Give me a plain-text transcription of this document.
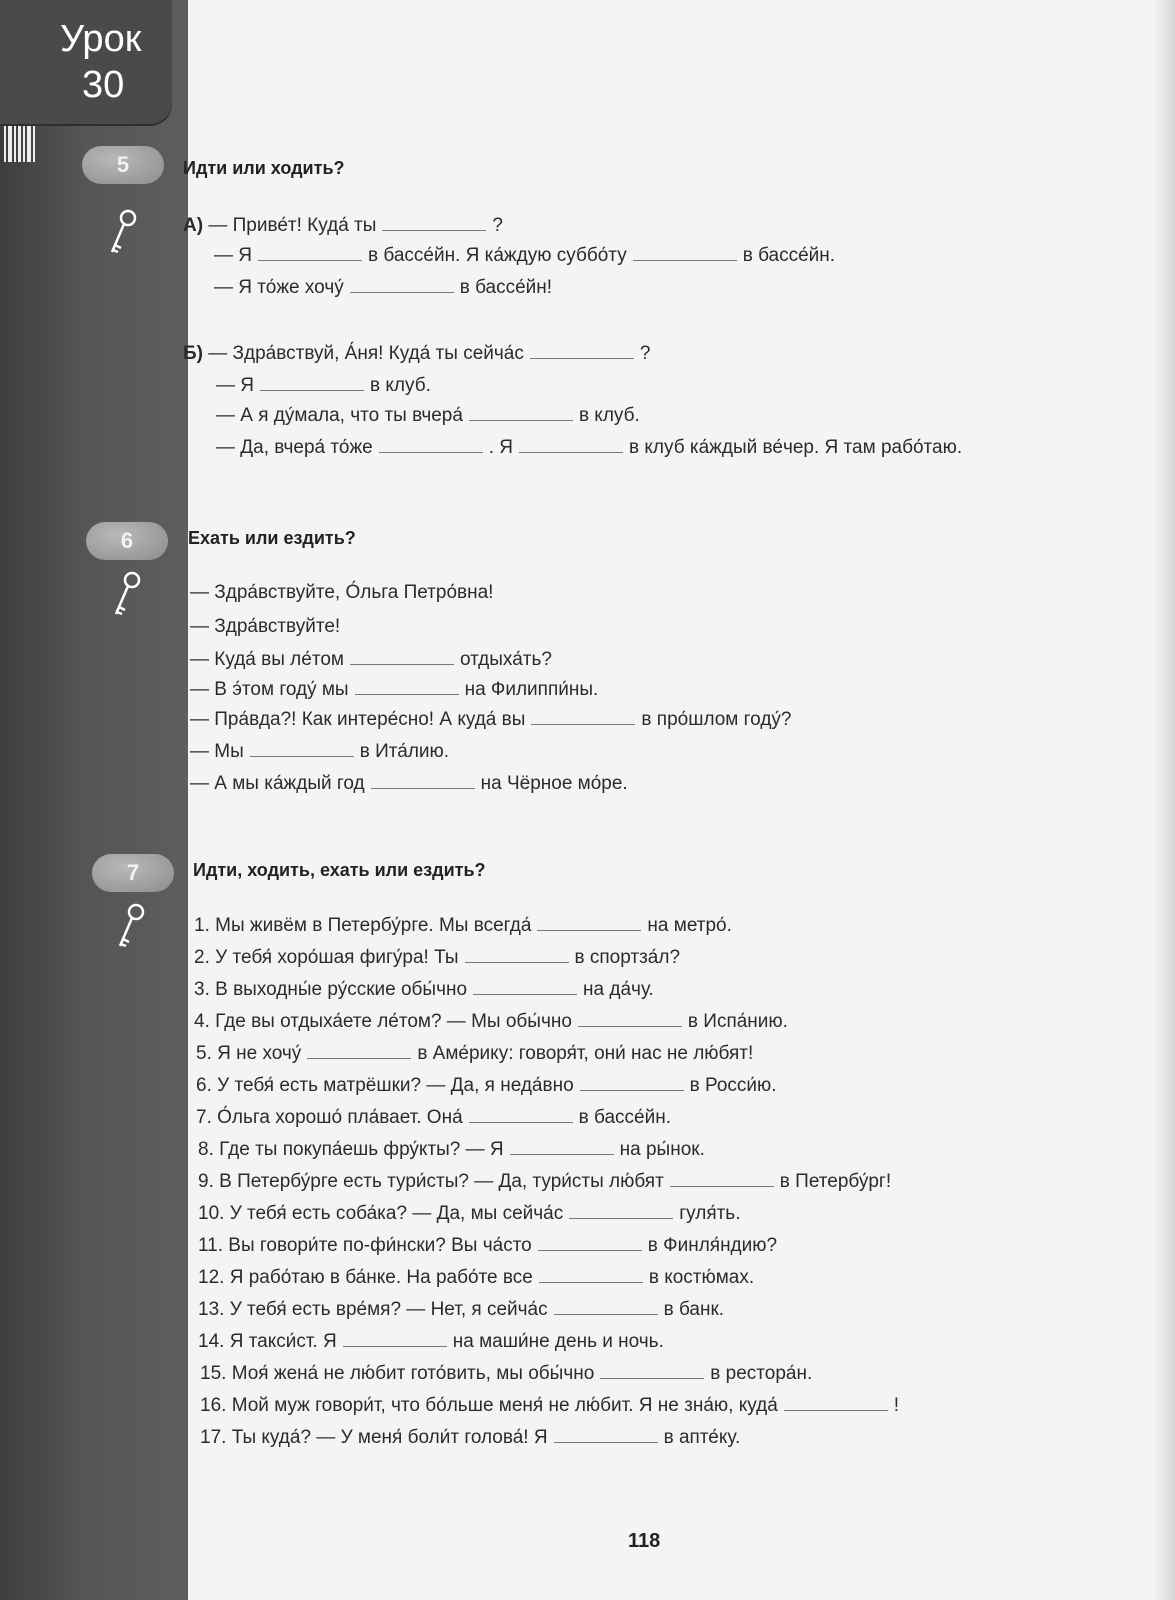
Урок
30
5	Идти или ходить?
А) — Приве́т! Куда́ ты	?
— Я	в бассе́йн. Я ка́ждую суббо́ту	в бассе́йн.
— Я то́же хочу́	в бассе́йн!
Б) — Здра́вствуй, А́ня! Куда́ ты сейча́с	?
— Я	в клуб.
— А я ду́мала, что ты вчера́	в клуб.
— Да, вчера́ то́же	. Я	в клуб ка́ждый ве́чер. Я там рабо́таю.
6	Ехать или ездить?
— Здра́вствуйте, О́льга Петро́вна!
— Здра́вствуйте!
— Куда́ вы ле́том	отдыха́ть?
— В э́том году́ мы	на Филиппи́ны.
— Пра́вда?! Как интере́сно! А куда́ вы	в про́шлом году́?
— Мы	в Ита́лию.
— А мы ка́ждый год	на Чёрное мо́ре.
7	Идти, ходить, ехать или ездить?
1. Мы живём в Петербу́рге. Мы всегда́	на метро́.
2. У тебя́ хоро́шая фигу́ра! Ты	в спортза́л?
3. В выходны́е ру́сские обы́чно	на да́чу.
4. Где вы отдыха́ете ле́том? — Мы обы́чно	в Испа́нию.
5. Я не хочу́	в Аме́рику: говоря́т, они́ нас не лю́бят!
6. У тебя́ есть матрёшки? — Да, я неда́вно	в Росси́ю.
7. О́льга хорошо́ пла́вает. Она́	в бассе́йн.
8. Где ты покупа́ешь фру́кты? — Я	на ры́нок.
9. В Петербу́рге есть тури́сты? — Да, тури́сты лю́бят	в Петербу́рг!
10. У тебя́ есть соба́ка? — Да, мы сейча́с	гуля́ть.
11. Вы говори́те по-фи́нски? Вы ча́сто	в Финля́ндию?
12. Я рабо́таю в ба́нке. На рабо́те все	в костю́мах.
13. У тебя́ есть вре́мя? — Нет, я сейча́с	в банк.
14. Я такси́ст. Я	на маши́не день и ночь.
15. Моя́ жена́ не лю́бит гото́вить, мы обы́чно	в рестора́н.
16. Мой муж говори́т, что бо́льше меня́ не лю́бит. Я не зна́ю, куда́	!
17. Ты куда́? — У меня́ боли́т голова́! Я	в апте́ку.
118
